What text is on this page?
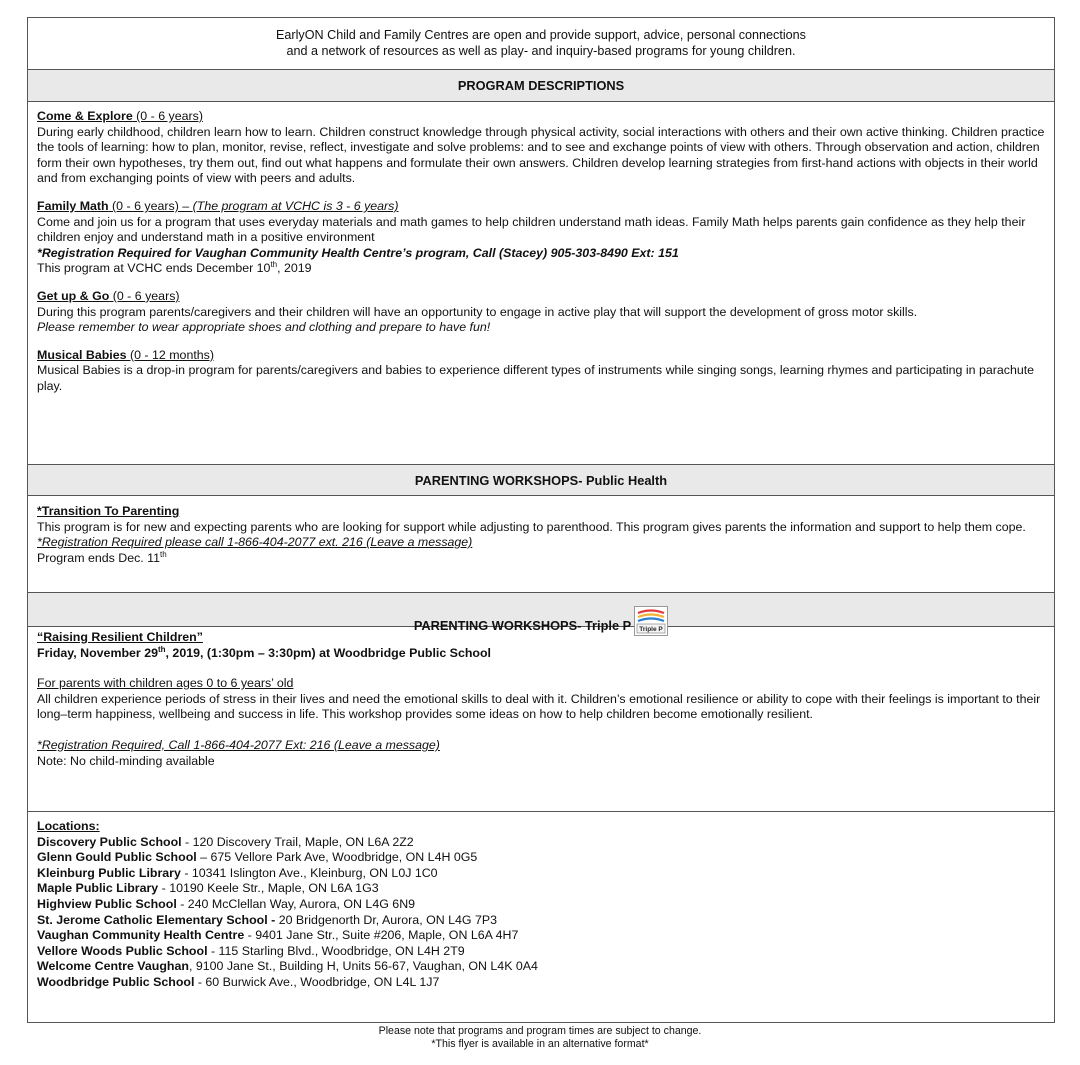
EarlyON Child and Family Centres are open and provide support, advice, personal connections

and a network of resources as well as play- and inquiry-based programs for young children.

PROGRAM DESCRIPTIONS

Come & Explore (0 - 6 years)

During early childhood, children learn how to learn. Children construct knowledge through physical activity, social interactions with others and their own active thinking. Children practice the tools of learning: how to plan, monitor, revise, reflect, investigate and solve problems: and to see and exchange points of view with others. Through observation and action, children form their own hypotheses, try them out, find out what happens and formulate their own answers. Children develop learning strategies from first-hand actions with objects in their world and from exchanging points of view with peers and adults.

Family Math (0 - 6 years) – (The program at VCHC is 3 - 6 years)

Come and join us for a program that uses everyday materials and math games to help children understand math ideas. Family Math helps parents gain confidence as they help their children enjoy and understand math in a positive environment

*Registration Required for Vaughan Community Health Centre’s program, Call (Stacey) 905-303-8490 Ext: 151

This program at VCHC ends December 10th, 2019

Get up & Go (0 - 6 years)

During this program parents/caregivers and their children will have an opportunity to engage in active play that will support the development of gross motor skills.

Please remember to wear appropriate shoes and clothing and prepare to have fun!

Musical Babies (0 - 12 months)

Musical Babies is a drop-in program for parents/caregivers and babies to experience different types of instruments while singing songs, learning rhymes and participating in parachute play.

PARENTING WORKSHOPS- Public Health

*Transition To Parenting

This program is for new and expecting parents who are looking for support while adjusting to parenthood. This program gives parents the information and support to help them cope.

*Registration Required please call 1-866-404-2077 ext. 216 (Leave a message)

Program ends Dec. 11th

PARENTING WORKSHOPS- Triple P Triple P

“Raising Resilient Children”

Friday, November 29th, 2019, (1:30pm – 3:30pm) at Woodbridge Public School

For parents with children ages 0 to 6 years’ old

All children experience periods of stress in their lives and need the emotional skills to deal with it. Children’s emotional resilience or ability to cope with their feelings is important to their long–term happiness, wellbeing and success in life. This workshop provides some ideas on how to help children become emotionally resilient.

*Registration Required, Call 1-866-404-2077 Ext: 216 (Leave a message)

Note: No child-minding available

Locations:

Discovery Public School - 120 Discovery Trail, Maple, ON L6A 2Z2

Glenn Gould Public School – 675 Vellore Park Ave, Woodbridge, ON L4H 0G5

Kleinburg Public Library - 10341 Islington Ave., Kleinburg, ON L0J 1C0

Maple Public Library - 10190 Keele Str., Maple, ON L6A 1G3

Highview Public School - 240 McClellan Way, Aurora, ON L4G 6N9

St. Jerome Catholic Elementary School - 20 Bridgenorth Dr, Aurora, ON L4G 7P3

Vaughan Community Health Centre - 9401 Jane Str., Suite #206, Maple, ON L6A 4H7

Vellore Woods Public School - 115 Starling Blvd., Woodbridge, ON L4H 2T9

Welcome Centre Vaughan, 9100 Jane St., Building H, Units 56-67, Vaughan, ON L4K 0A4

Woodbridge Public School - 60 Burwick Ave., Woodbridge, ON L4L 1J7

Please note that programs and program times are subject to change.

*This flyer is available in an alternative format*
